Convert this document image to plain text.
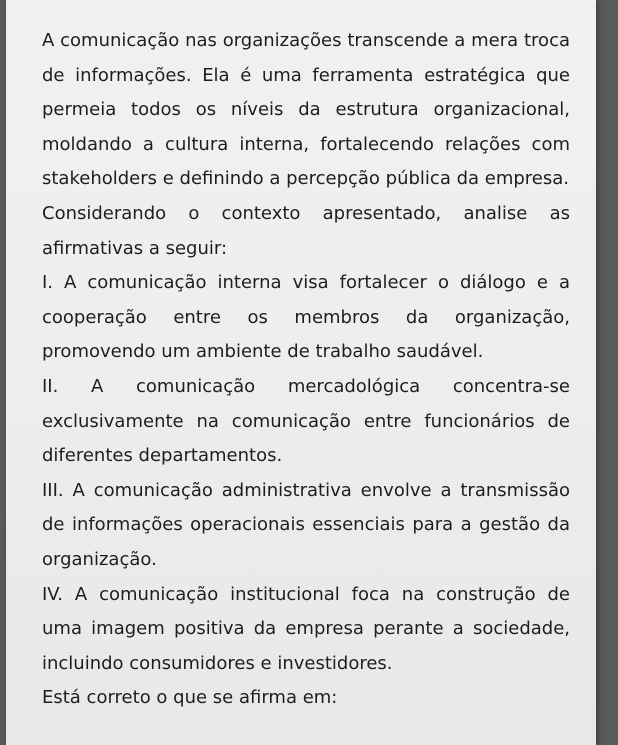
A comunicação nas organizações transcende a mera troca de informações. Ela é uma ferramenta estratégica que permeia todos os níveis da estrutura organizacional, moldando a cultura interna, fortalecendo relações com stakeholders e definindo a percepção pública da empresa.

Considerando o contexto apresentado, analise as afirmativas a seguir:

I. A comunicação interna visa fortalecer o diálogo e a cooperação entre os membros da organização, promovendo um ambiente de trabalho saudável.

II. A comunicação mercadológica concentra-se exclusivamente na comunicação entre funcionários de diferentes departamentos.

III. A comunicação administrativa envolve a transmissão de informações operacionais essenciais para a gestão da organização.

IV. A comunicação institucional foca na construção de uma imagem positiva da empresa perante a sociedade, incluindo consumidores e investidores.

Está correto o que se afirma em:
